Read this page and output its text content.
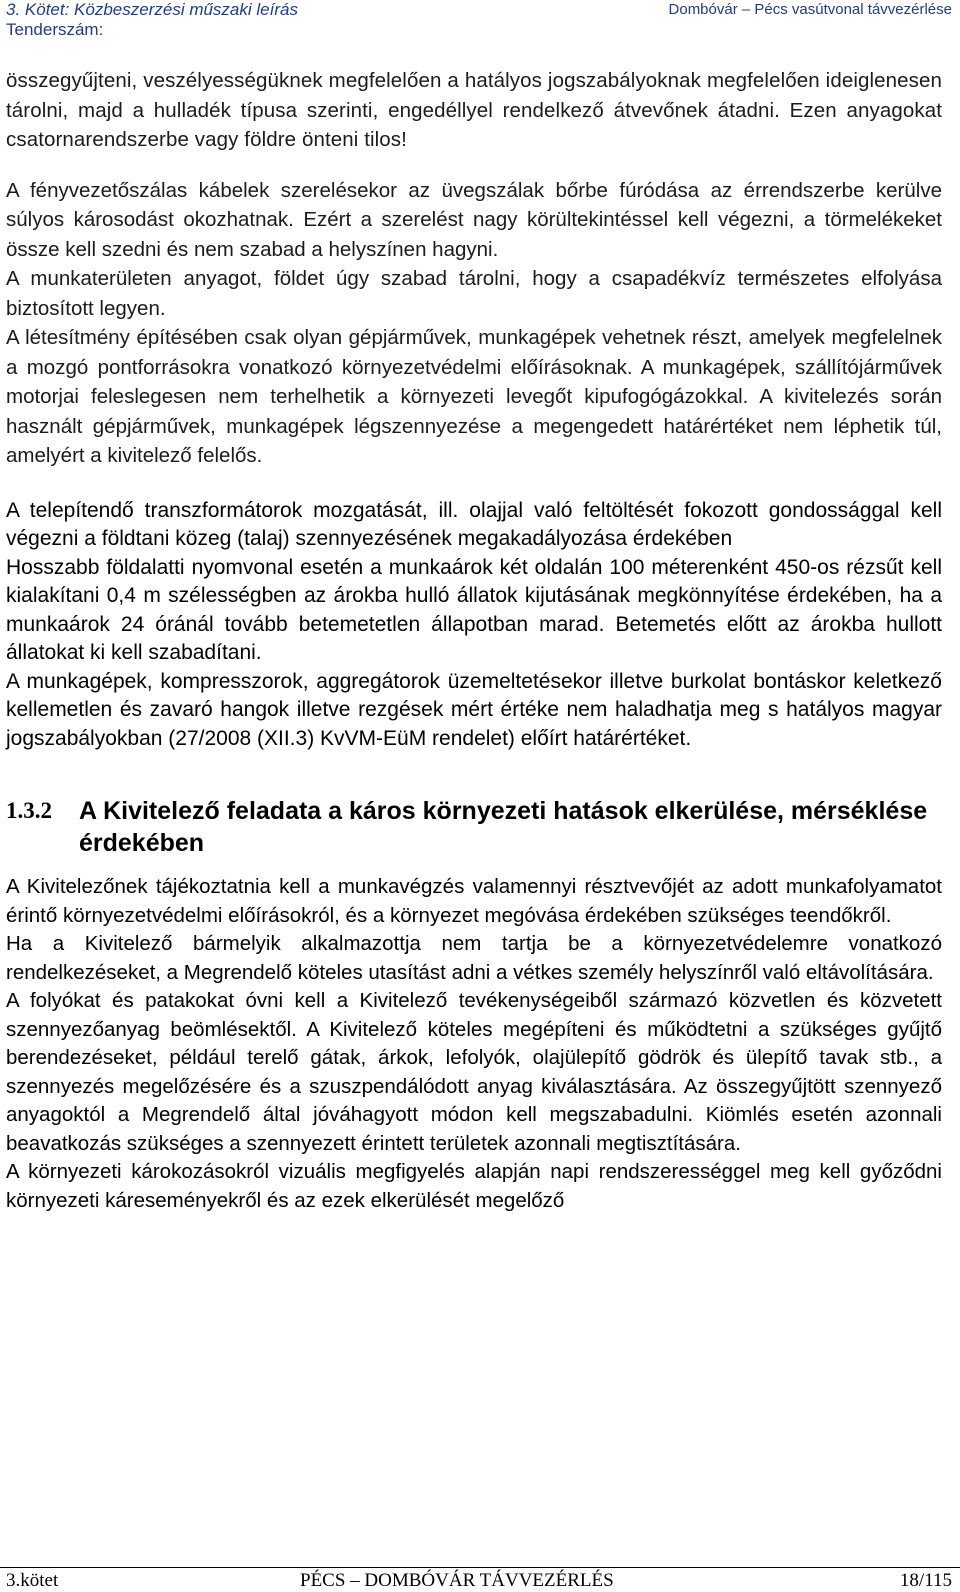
3. Kötet: Közbeszerzési műszaki leírás
Tenderszám:
Dombóvár – Pécs vasútvonal távvezérlése

összegyűjteni, veszélyességüknek megfelelően a hatályos jogszabályoknak megfelelően ideiglenesen tárolni, majd a hulladék típusa szerinti, engedéllyel rendelkező átvevőnek átadni. Ezen anyagokat csatornarendszerbe vagy földre önteni tilos!

A fényvezetőszálas kábelek szerelésekor az üvegszálak bőrbe fúródása az érrendszerbe kerülve súlyos károsodást okozhatnak. Ezért a szerelést nagy körültekintéssel kell végezni, a törmelékeket össze kell szedni és nem szabad a helyszínen hagyni.

A munkaterületen anyagot, földet úgy szabad tárolni, hogy a csapadékvíz természetes elfolyása biztosított legyen.

A létesítmény építésében csak olyan gépjárművek, munkagépek vehetnek részt, amelyek megfelelnek a mozgó pontforrásokra vonatkozó környezetvédelmi előírásoknak. A munkagépek, szállítójárművek motorjai feleslegesen nem terhelhetik a környezeti levegőt kipufogógázokkal. A kivitelezés során használt gépjárművek, munkagépek légszennyezése a megengedett határértéket nem léphetik túl, amelyért a kivitelező felelős.

A telepítendő transzformátorok mozgatását, ill. olajjal való feltöltését fokozott gondossággal kell végezni a földtani közeg (talaj) szennyezésének megakadályozása érdekében

Hosszabb földalatti nyomvonal esetén a munkaárok két oldalán 100 méterenként 450-os rézsűt kell kialakítani 0,4 m szélességben az árokba hulló állatok kijutásának megkönnyítése érdekében, ha a munkaárok 24 óránál tovább betemetetlen állapotban marad. Betemetés előtt az árokba hullott állatokat ki kell szabadítani.

A munkagépek, kompresszorok, aggregátorok üzemeltetésekor illetve burkolat bontáskor keletkező kellemetlen és zavaró hangok illetve rezgések mért értéke nem haladhatja meg s hatályos magyar jogszabályokban (27/2008 (XII.3) KvVM-EüM rendelet) előírt határértéket.

1.3.2	A Kivitelező feladata a káros környezeti hatások elkerülése, mérséklése érdekében

A Kivitelezőnek tájékoztatnia kell a munkavégzés valamennyi résztvevőjét az adott munkafolyamatot érintő környezetvédelmi előírásokról, és a környezet megóvása érdekében szükséges teendőkről.

Ha a Kivitelező bármelyik alkalmazottja nem tartja be a környezetvédelemre vonatkozó rendelkezéseket, a Megrendelő köteles utasítást adni a vétkes személy helyszínről való eltávolítására.

A folyókat és patakokat óvni kell a Kivitelező tevékenységeiből származó közvetlen és közvetett szennyezőanyag beömlésektől. A Kivitelező köteles megépíteni és működtetni a szükséges gyűjtő berendezéseket, például terelő gátak, árkok, lefolyók, olajülepítő gödrök és ülepítő tavak stb., a szennyezés megelőzésére és a szuszpendálódott anyag kiválasztására. Az összegyűjtött szennyező anyagoktól a Megrendelő által jóváhagyott módon kell megszabadulni. Kiömlés esetén azonnali beavatkozás szükséges a szennyezett érintett területek azonnali megtisztítására.

A környezeti károkozásokról vizuális megfigyelés alapján napi rendszerességgel meg kell győződni környezeti káreseményekről és az ezek elkerülését megelőző

3.kötet	PÉCS – DOMBÓVÁR TÁVVEZÉRLÉS	18/115
